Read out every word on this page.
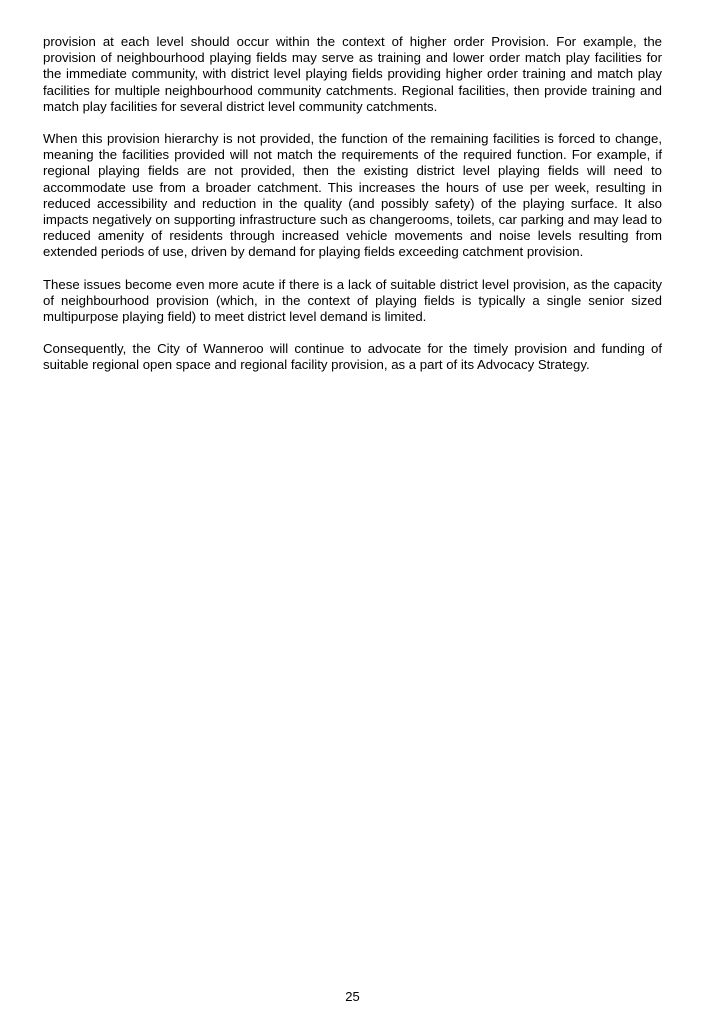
provision at each level should occur within the context of higher order Provision. For example, the provision of neighbourhood playing fields may serve as training and lower order match play facilities for the immediate community, with district level playing fields providing higher order training and match play facilities for multiple neighbourhood community catchments. Regional facilities, then provide training and match play facilities for several district level community catchments.

When this provision hierarchy is not provided, the function of the remaining facilities is forced to change, meaning the facilities provided will not match the requirements of the required function. For example, if regional playing fields are not provided, then the existing district level playing fields will need to accommodate use from a broader catchment. This increases the hours of use per week, resulting in reduced accessibility and reduction in the quality (and possibly safety) of the playing surface. It also impacts negatively on supporting infrastructure such as changerooms, toilets, car parking and may lead to reduced amenity of residents through increased vehicle movements and noise levels resulting from extended periods of use, driven by demand for playing fields exceeding catchment provision.

These issues become even more acute if there is a lack of suitable district level provision, as the capacity of neighbourhood provision (which, in the context of playing fields is typically a single senior sized multipurpose playing field) to meet district level demand is limited.

Consequently, the City of Wanneroo will continue to advocate for the timely provision and funding of suitable regional open space and regional facility provision, as a part of its Advocacy Strategy.

25
